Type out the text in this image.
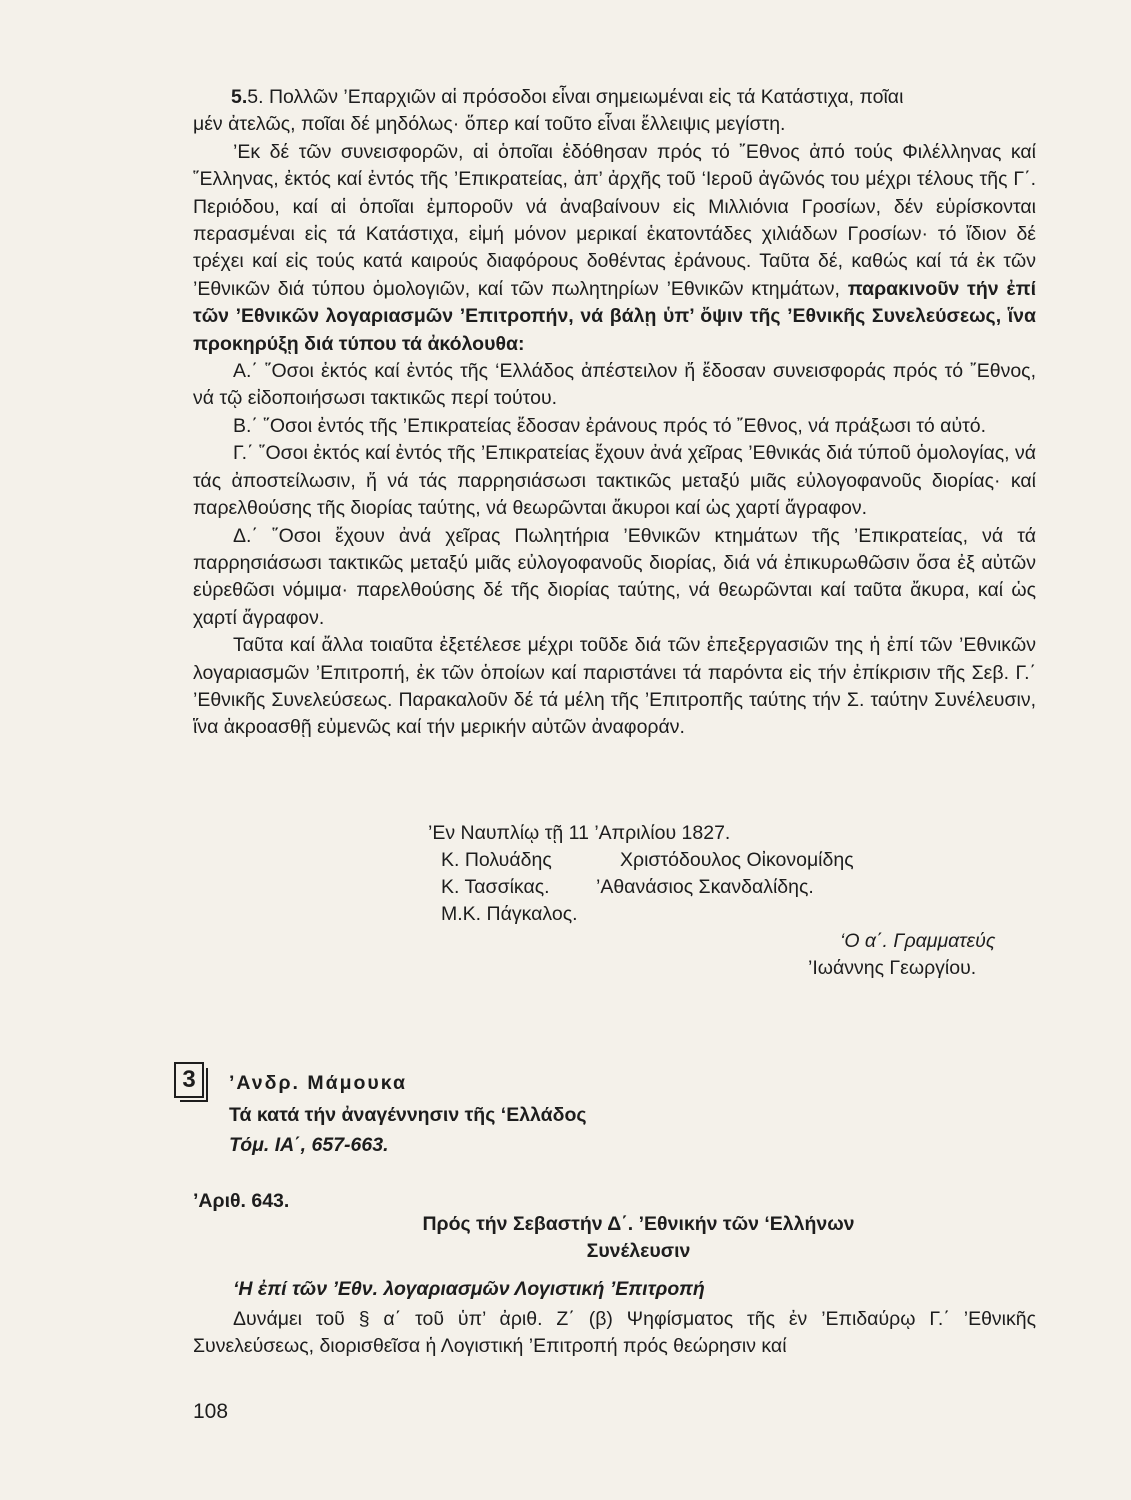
5.5. Πολλῶν ’Επαρχιῶν αἱ πρόσοδοι εἶναι σημειωμέναι εἰς τά Κατάστιχα, ποῖαι
μέν ἀτελῶς, ποῖαι δέ μηδόλως· ὅπερ καί τοῦτο εἶναι ἔλλειψις μεγίστη.

’Εκ δέ τῶν συνεισφορῶν, αἱ ὁποῖαι ἐδόθησαν πρός τό ῎Εθνος ἀπό τούς Φιλέλληνας καί ῞Ελληνας, ἐκτός καί ἐντός τῆς ’Επικρατείας, ἀπ’ ἀρχῆς τοῦ ‘Ιεροῦ ἀγῶνός του μέχρι τέλους τῆς Γ΄. Περιόδου, καί αἱ ὁποῖαι ἐμποροῦν νά ἀναβαίνουν εἰς Μιλλιόνια Γροσίων, δέν εὑρίσκονται περασμέναι εἰς τά Κατάστιχα, εἰμή μόνον μερικαί ἑκατοντάδες χιλιάδων Γροσίων· τό ἴδιον δέ τρέχει καί εἰς τούς κατά καιρούς διαφόρους δοθέντας ἐράνους. Ταῦτα δέ, καθώς καί τά ἐκ τῶν ’Εθνικῶν διά τύπου ὁμολογιῶν, καί τῶν πωλητηρίων ’Εθνικῶν κτημάτων, παρακινοῦν τήν ἐπί τῶν ’Εθνικῶν λογαριασμῶν ’Επιτροπήν, νά βάλῃ ὑπ’ ὄψιν τῆς ’Εθνικῆς Συνελεύσεως, ἵνα προκηρύξῃ διά τύπου τά ἀκόλουθα:

Α.΄ ῞Οσοι ἐκτός καί ἐντός τῆς ‘Ελλάδος ἀπέστειλον ἤ ἔδοσαν συνεισφοράς πρός τό ῎Εθνος, νά τῷ εἰδοποιήσωσι τακτικῶς περί τούτου.

Β.΄ ῞Οσοι ἐντός τῆς ’Επικρατείας ἔδοσαν ἐράνους πρός τό ῎Εθνος, νά πράξωσι τό αὐτό.

Γ.΄ ῞Οσοι ἐκτός καί ἐντός τῆς ’Επικρατείας ἔχουν ἀνά χεῖρας ’Εθνικάς διά τύποῦ ὁμολογίας, νά τάς ἀποστείλωσιν, ἤ νά τάς παρρησιάσωσι τακτικῶς μεταξύ μιᾶς εὐλογοφανοῦς διορίας· καί παρελθούσης τῆς διορίας ταύτης, νά θεωρῶνται ἄκυροι καί ὡς χαρτί ἄγραφον.

Δ.΄ ῞Οσοι ἔχουν ἀνά χεῖρας Πωλητήρια ’Εθνικῶν κτημάτων τῆς ’Επικρατείας, νά τά παρρησιάσωσι τακτικῶς μεταξύ μιᾶς εὐλογοφανοῦς διορίας, διά νά ἐπικυρωθῶσιν ὅσα ἐξ αὐτῶν εὑρεθῶσι νόμιμα· παρελθούσης δέ τῆς διορίας ταύτης, νά θεωρῶνται καί ταῦτα ἄκυρα, καί ὡς χαρτί ἄγραφον.

Ταῦτα καί ἄλλα τοιαῦτα ἐξετέλεσε μέχρι τοῦδε διά τῶν ἐπεξεργασιῶν της ἡ ἐπί τῶν ’Εθνικῶν λογαριασμῶν ’Επιτροπή, ἐκ τῶν ὁποίων καί παριστάνει τά παρόντα εἰς τήν ἐπίκρισιν τῆς Σεβ. Γ.΄ ’Εθνικῆς Συνελεύσεως. Παρακαλοῦν δέ τά μέλη τῆς ’Επιτροπῆς ταύτης τήν Σ. ταύτην Συνέλευσιν, ἵνα ἀκροασθῇ εὐμενῶς καί τήν μερικήν αὐτῶν ἀναφοράν.

’Εν Ναυπλίῳ τῇ 11 ’Απριλίου 1827.
Κ. Πολυάδης	Χριστόδουλος Οἰκονομίδης
Κ. Τασσίκας. ’Αθανάσιος Σκανδαλίδης.
Μ.Κ. Πάγκαλος.
‘Ο α΄. Γραμματεύς
’Ιωάννης Γεωργίου.
3	’Ανδρ. Μάμουκα
Τά κατά τήν ἀναγέννησιν τῆς ‘Ελλάδος
Τόμ. ΙΑ΄, 657-663.
’Αριθ. 643.
Πρός τήν Σεβαστήν Δ΄. ’Εθνικήν τῶν ‘Ελλήνων
Συνέλευσιν
‘Η ἐπί τῶν ’Εθν. λογαριασμῶν Λογιστική ’Επιτροπή

Δυνάμει τοῦ § α΄ τοῦ ὑπ’ ἀριθ. Ζ΄ (β) Ψηφίσματος τῆς ἐν ’Επιδαύρῳ Γ.΄ ’Εθνικῆς Συνελεύσεως, διορισθεῖσα ἡ Λογιστική ’Επιτροπή πρός θεώρησιν καί

108
